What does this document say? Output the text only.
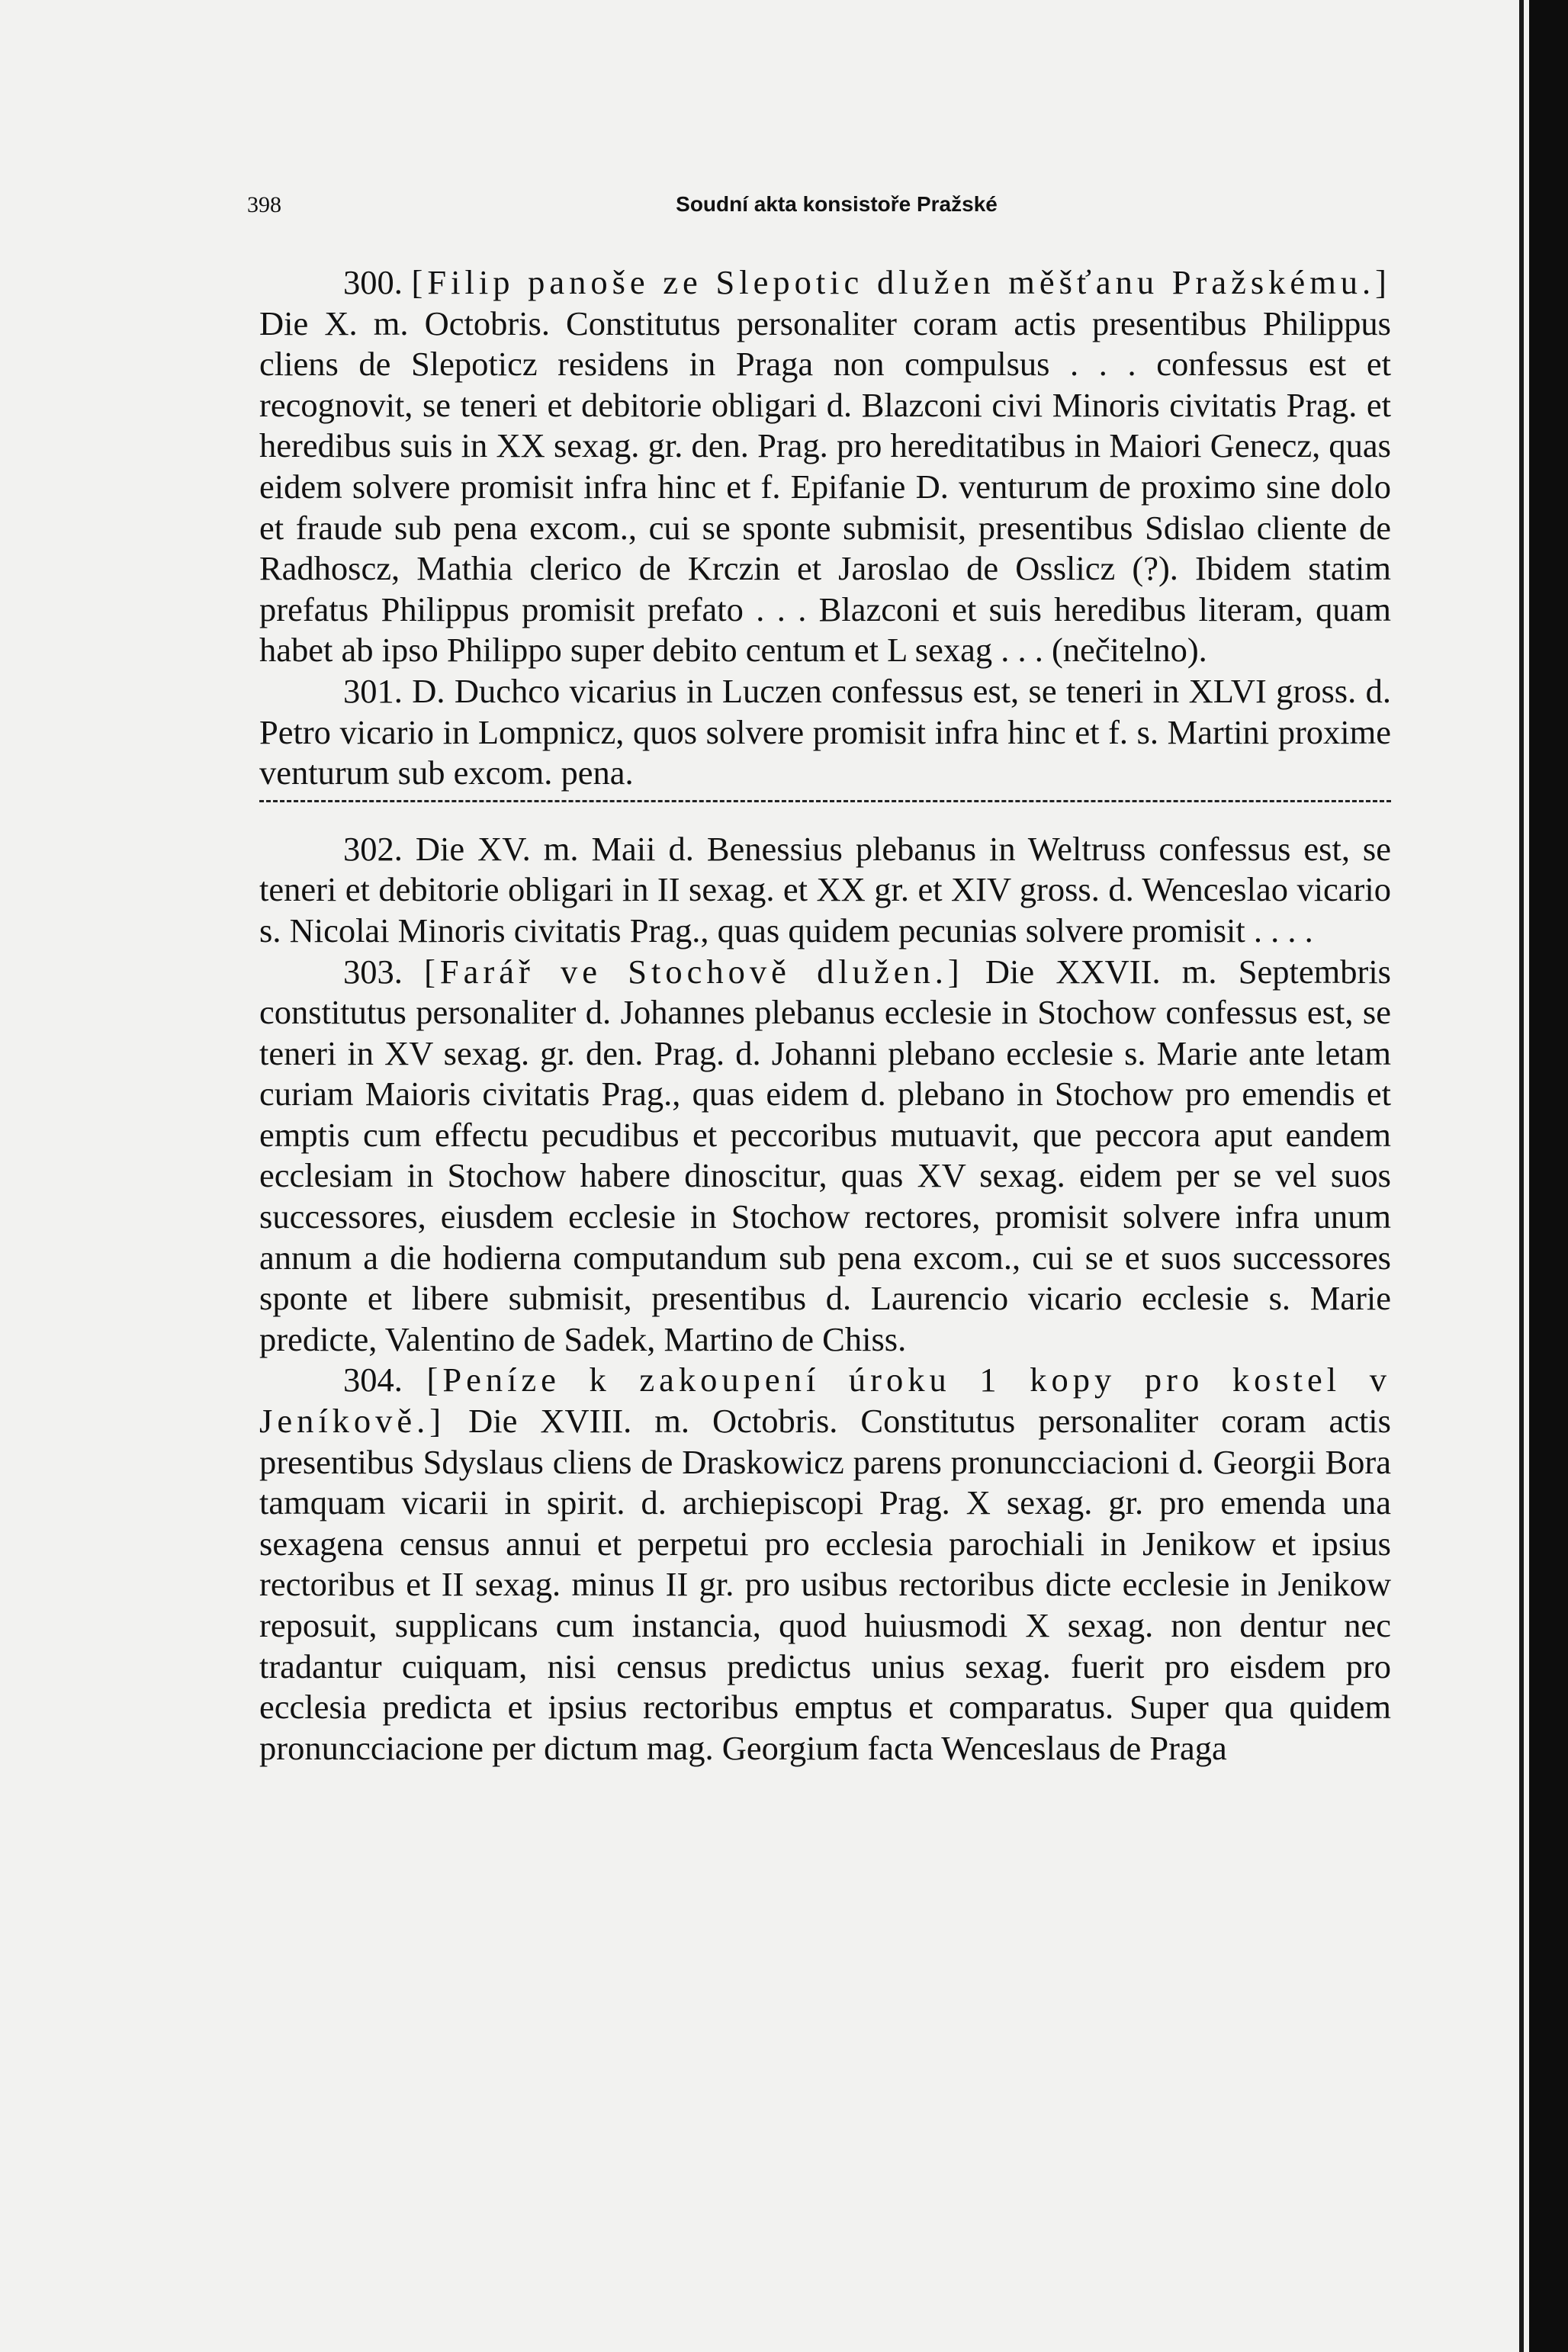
398	Soudní akta konsistoře Pražské

300. [Filip panoše ze Slepotic dlužen měšťanu Pražskému.] Die X. m. Octobris. Constitutus personaliter coram actis presentibus Philippus cliens de Slepoticz residens in Praga non compulsus . . . confessus est et recognovit, se teneri et debitorie obligari d. Blazconi civi Minoris civitatis Prag. et heredibus suis in XX sexag. gr. den. Prag. pro hereditatibus in Maiori Genecz, quas eidem solvere promisit infra hinc et f. Epifanie D. venturum de proximo sine dolo et fraude sub pena excom., cui se sponte submisit, presentibus Sdislao cliente de Radhoscz, Mathia clerico de Krczin et Jaroslao de Osslicz (?). Ibidem statim prefatus Philippus promisit prefato . . . Blazconi et suis heredibus literam, quam habet ab ipso Philippo super debito centum et L sexag . . . (nečitelno).

301. D. Duchco vicarius in Luczen confessus est, se teneri in XLVI gross. d. Petro vicario in Lompnicz, quos solvere promisit infra hinc et f. s. Martini proxime venturum sub excom. pena.

302. Die XV. m. Maii d. Benessius plebanus in Weltruss confessus est, se teneri et debitorie obligari in II sexag. et XX gr. et XIV gross. d. Wenceslao vicario s. Nicolai Minoris civitatis Prag., quas quidem pecunias solvere promisit . . . .

303. [Farář ve Stochově dlužen.] Die XXVII. m. Septembris constitutus personaliter d. Johannes plebanus ecclesie in Stochow confessus est, se teneri in XV sexag. gr. den. Prag. d. Johanni plebano ecclesie s. Marie ante letam curiam Maioris civitatis Prag., quas eidem d. plebano in Stochow pro emendis et emptis cum effectu pecudibus et peccoribus mutuavit, que peccora aput eandem ecclesiam in Stochow habere dinoscitur, quas XV sexag. eidem per se vel suos successores, eiusdem ecclesie in Stochow rectores, promisit solvere infra unum annum a die hodierna computandum sub pena excom., cui se et suos successores sponte et libere submisit, presentibus d. Laurencio vicario ecclesie s. Marie predicte, Valentino de Sadek, Martino de Chiss.

304. [Peníze k zakoupení úroku 1 kopy pro kostel v Jeníkově.] Die XVIII. m. Octobris. Constitutus personaliter coram actis presentibus Sdyslaus cliens de Draskowicz parens pronuncciacioni d. Georgii Bora tamquam vicarii in spirit. d. archiepiscopi Prag. X sexag. gr. pro emenda una sexagena census annui et perpetui pro ecclesia parochiali in Jenikow et ipsius rectoribus et II sexag. minus II gr. pro usibus rectoribus dicte ecclesie in Jenikow reposuit, supplicans cum instancia, quod huiusmodi X sexag. non dentur nec tradantur cuiquam, nisi census predictus unius sexag. fuerit pro eisdem pro ecclesia predicta et ipsius rectoribus emptus et comparatus. Super qua quidem pronuncciacione per dictum mag. Georgium facta Wenceslaus de Praga
